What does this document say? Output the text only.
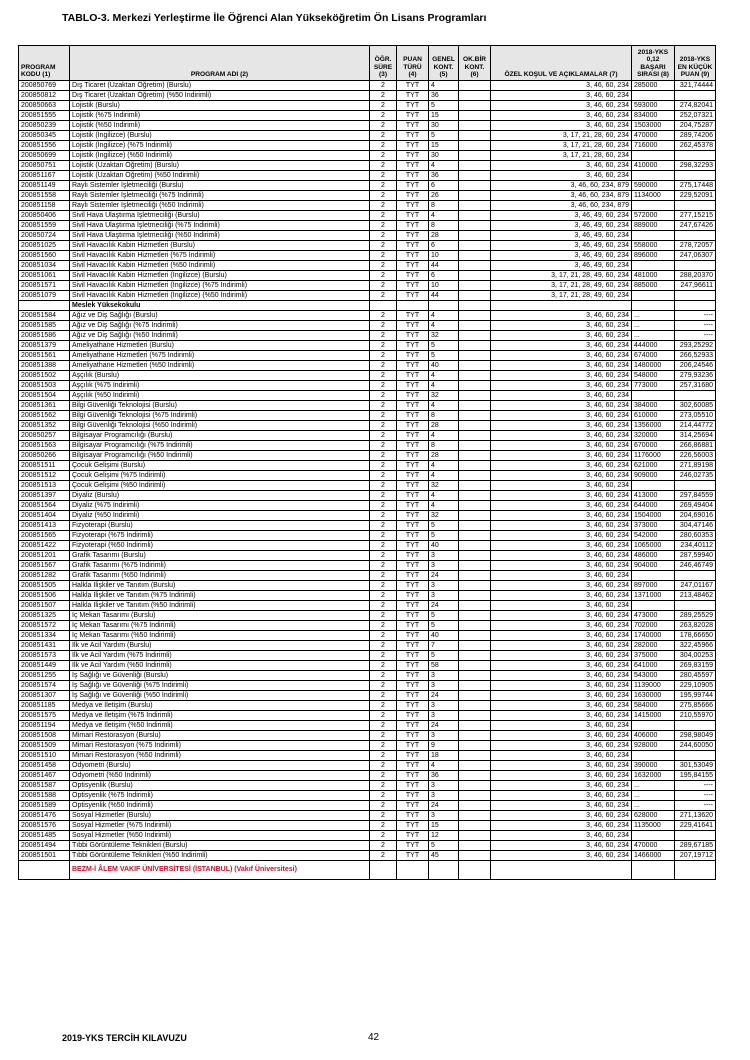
TABLO-3. Merkezi Yerleştirme İle Öğrenci Alan Yükseköğretim Ön Lisans Programları
PROGRAM KODU (1)	PROGRAM ADI (2)	ÖĞR. SÜRE (3)	PUAN TÜRÜ (4)	GENEL KONT. (5)	OK.BİR KONT. (6)	ÖZEL KOŞUL VE AÇIKLAMALAR (7)	2018-YKS 0,12 BAŞARI SIRASI (8)	2018-YKS EN KÜÇÜK PUAN (9)
200850769	Dış Ticaret (Uzaktan Öğretim) (Burslu)	2	TYT	4		3, 46, 60, 234	285000	321,74444
200850812	Dış Ticaret (Uzaktan Öğretim) (%50 İndirimli)	2	TYT	36		3, 46, 60, 234		
200850663	Lojistik (Burslu)	2	TYT	5		3, 46, 60, 234	593000	274,82041
200851555	Lojistik (%75 İndirimli)	2	TYT	15		3, 46, 60, 234	834000	252,07321
200850239	Lojistik (%50 İndirimli)	2	TYT	30		3, 46, 60, 234	1503000	204,75287
200850345	Lojistik (İngilizce) (Burslu)	2	TYT	5		3, 17, 21, 28, 60, 234	470000	289,74206
200851556	Lojistik (İngilizce) (%75 İndirimli)	2	TYT	15		3, 17, 21, 28, 60, 234	716000	262,45378
200850699	Lojistik (İngilizce) (%50 İndirimli)	2	TYT	30		3, 17, 21, 28, 60, 234		
200850751	Lojistik (Uzaktan Öğretim) (Burslu)	2	TYT	4		3, 46, 60, 234	410000	298,32293
200851167	Lojistik (Uzaktan Öğretim) (%50 İndirimli)	2	TYT	36		3, 46, 60, 234		
200851149	Raylı Sistemler İşletmeciliği (Burslu)	2	TYT	6		3, 46, 60, 234, 879	590000	275,17448
200851558	Raylı Sistemler İşletmeciliği (%75 İndirimli)	2	TYT	26		3, 46, 60, 234, 879	1134000	229,52091
200851158	Raylı Sistemler İşletmeciliği (%50 İndirimli)	2	TYT	8		3, 46, 60, 234, 879		
200850406	Sivil Hava Ulaştırma İşletmeciliği (Burslu)	2	TYT	4		3, 46, 49, 60, 234	572000	277,15215
200851559	Sivil Hava Ulaştırma İşletmeciliği (%75 İndirimli)	2	TYT	8		3, 46, 49, 60, 234	889000	247,67426
200850724	Sivil Hava Ulaştırma İşletmeciliği (%50 İndirimli)	2	TYT	28		3, 46, 49, 60, 234		
200851025	Sivil Havacılık Kabin Hizmetleri (Burslu)	2	TYT	6		3, 46, 49, 60, 234	558000	278,72057
200851560	Sivil Havacılık Kabin Hizmetleri (%75 İndirimli)	2	TYT	10		3, 46, 49, 60, 234	896000	247,06307
200851034	Sivil Havacılık Kabin Hizmetleri (%50 İndirimli)	2	TYT	44		3, 46, 49, 60, 234		
200851061	Sivil Havacılık Kabin Hizmetleri (İngilizce) (Burslu)	2	TYT	6		3, 17, 21, 28, 49, 60, 234	481000	288,20370
200851571	Sivil Havacılık Kabin Hizmetleri (İngilizce) (%75 İndirimli)	2	TYT	10		3, 17, 21, 28, 49, 60, 234	885000	247,96611
200851079	Sivil Havacılık Kabin Hizmetleri (İngilizce) (%50 İndirimli)	2	TYT	44		3, 17, 21, 28, 49, 60, 234		
	Meslek Yüksekokulu							
200851584	Ağız ve Diş Sağlığı (Burslu)	2	TYT	4		3, 46, 60, 234	...	----
200851585	Ağız ve Diş Sağlığı (%75 İndirimli)	2	TYT	4		3, 46, 60, 234	...	----
200851586	Ağız ve Diş Sağlığı (%50 İndirimli)	2	TYT	32		3, 46, 60, 234	...	----
200851379	Ameliyathane Hizmetleri (Burslu)	2	TYT	5		3, 46, 60, 234	444000	293,25292
200851561	Ameliyathane Hizmetleri (%75 İndirimli)	2	TYT	5		3, 46, 60, 234	674000	266,52933
200851388	Ameliyathane Hizmetleri (%50 İndirimli)	2	TYT	40		3, 46, 60, 234	1480000	206,24546
200851502	Aşçılık (Burslu)	2	TYT	4		3, 46, 60, 234	548000	279,93236
200851503	Aşçılık (%75 İndirimli)	2	TYT	4		3, 46, 60, 234	773000	257,31680
200851504	Aşçılık (%50 İndirimli)	2	TYT	32		3, 46, 60, 234		
200851361	Bilgi Güvenliği Teknolojisi (Burslu)	2	TYT	4		3, 46, 60, 234	384000	302,60085
200851562	Bilgi Güvenliği Teknolojisi (%75 İndirimli)	2	TYT	8		3, 46, 60, 234	610000	273,05510
200851352	Bilgi Güvenliği Teknolojisi (%50 İndirimli)	2	TYT	28		3, 46, 60, 234	1356000	214,44772
200850257	Bilgisayar Programcılığı (Burslu)	2	TYT	4		3, 46, 60, 234	320000	314,25694
200851563	Bilgisayar Programcılığı (%75 İndirimli)	2	TYT	8		3, 46, 60, 234	670000	266,86881
200850266	Bilgisayar Programcılığı (%50 İndirimli)	2	TYT	28		3, 46, 60, 234	1176000	226,56003
200851511	Çocuk Gelişimi (Burslu)	2	TYT	4		3, 46, 60, 234	621000	271,89198
200851512	Çocuk Gelişimi (%75 İndirimli)	2	TYT	4		3, 46, 60, 234	909000	246,02735
200851513	Çocuk Gelişimi (%50 İndirimli)	2	TYT	32		3, 46, 60, 234		
200851397	Diyaliz (Burslu)	2	TYT	4		3, 46, 60, 234	413000	297,84559
200851564	Diyaliz (%75 İndirimli)	2	TYT	4		3, 46, 60, 234	644000	269,49404
200851404	Diyaliz (%50 İndirimli)	2	TYT	32		3, 46, 60, 234	1504000	204,69016
200851413	Fizyoterapi (Burslu)	2	TYT	5		3, 46, 60, 234	373000	304,47146
200851565	Fizyoterapi (%75 İndirimli)	2	TYT	5		3, 46, 60, 234	542000	280,60353
200851422	Fizyoterapi (%50 İndirimli)	2	TYT	40		3, 46, 60, 234	1065000	234,40112
200851201	Grafik Tasarımı (Burslu)	2	TYT	3		3, 46, 60, 234	486000	287,59940
200851567	Grafik Tasarımı (%75 İndirimli)	2	TYT	3		3, 46, 60, 234	904000	246,46749
200851282	Grafik Tasarımı (%50 İndirimli)	2	TYT	24		3, 46, 60, 234		
200851505	Halkla İlişkiler ve Tanıtım (Burslu)	2	TYT	3		3, 46, 60, 234	897000	247,01167
200851506	Halkla İlişkiler ve Tanıtım (%75 İndirimli)	2	TYT	3		3, 46, 60, 234	1371000	213,48462
200851507	Halkla İlişkiler ve Tanıtım (%50 İndirimli)	2	TYT	24		3, 46, 60, 234		
200851325	İç Mekan Tasarımı (Burslu)	2	TYT	5		3, 46, 60, 234	473000	289,25529
200851572	İç Mekan Tasarımı (%75 İndirimli)	2	TYT	5		3, 46, 60, 234	702000	263,82028
200851334	İç Mekan Tasarımı (%50 İndirimli)	2	TYT	40		3, 46, 60, 234	1740000	178,66650
200851431	İlk ve Acil Yardım (Burslu)	2	TYT	7		3, 46, 60, 234	282000	322,45966
200851573	İlk ve Acil Yardım (%75 İndirimli)	2	TYT	5		3, 46, 60, 234	375000	304,00253
200851449	İlk ve Acil Yardım (%50 İndirimli)	2	TYT	58		3, 46, 60, 234	641000	269,83159
200851255	İş Sağlığı ve Güvenliği (Burslu)	2	TYT	3		3, 46, 60, 234	543000	280,45597
200851574	İş Sağlığı ve Güvenliği (%75 İndirimli)	2	TYT	3		3, 46, 60, 234	1139000	229,10905
200851307	İş Sağlığı ve Güvenliği (%50 İndirimli)	2	TYT	24		3, 46, 60, 234	1630000	195,99744
200851185	Medya ve İletişim (Burslu)	2	TYT	3		3, 46, 60, 234	584000	275,85666
200851575	Medya ve İletişim (%75 İndirimli)	2	TYT	3		3, 46, 60, 234	1415000	210,55970
200851194	Medya ve İletişim (%50 İndirimli)	2	TYT	24		3, 46, 60, 234		
200851508	Mimari Restorasyon (Burslu)	2	TYT	3		3, 46, 60, 234	406000	298,98049
200851509	Mimari Restorasyon (%75 İndirimli)	2	TYT	9		3, 46, 60, 234	928000	244,60050
200851510	Mimari Restorasyon (%50 İndirimli)	2	TYT	18		3, 46, 60, 234		
200851458	Odyometri (Burslu)	2	TYT	4		3, 46, 60, 234	390000	301,53049
200851467	Odyometri (%50 İndirimli)	2	TYT	36		3, 46, 60, 234	1632000	195,84155
200851587	Optisyenlik (Burslu)	2	TYT	3		3, 46, 60, 234	...	----
200851588	Optisyenlik (%75 İndirimli)	2	TYT	3		3, 46, 60, 234	...	----
200851589	Optisyenlik (%50 İndirimli)	2	TYT	24		3, 46, 60, 234	...	----
200851476	Sosyal Hizmetler (Burslu)	2	TYT	3		3, 46, 60, 234	628000	271,13620
200851576	Sosyal Hizmetler (%75 İndirimli)	2	TYT	15		3, 46, 60, 234	1135000	229,41641
200851485	Sosyal Hizmetler (%50 İndirimli)	2	TYT	12		3, 46, 60, 234		
200851494	Tıbbi Görüntüleme Teknikleri (Burslu)	2	TYT	5		3, 46, 60, 234	470000	289,67185
200851501	Tıbbi Görüntüleme Teknikleri (%50 İndirimli)	2	TYT	45		3, 46, 60, 234	1466000	207,19712
	BEZM-İ ÂLEM VAKIF ÜNİVERSİTESİ (İSTANBUL) (Vakıf Üniversitesi)							
2019-YKS TERCİH KILAVUZU	42
